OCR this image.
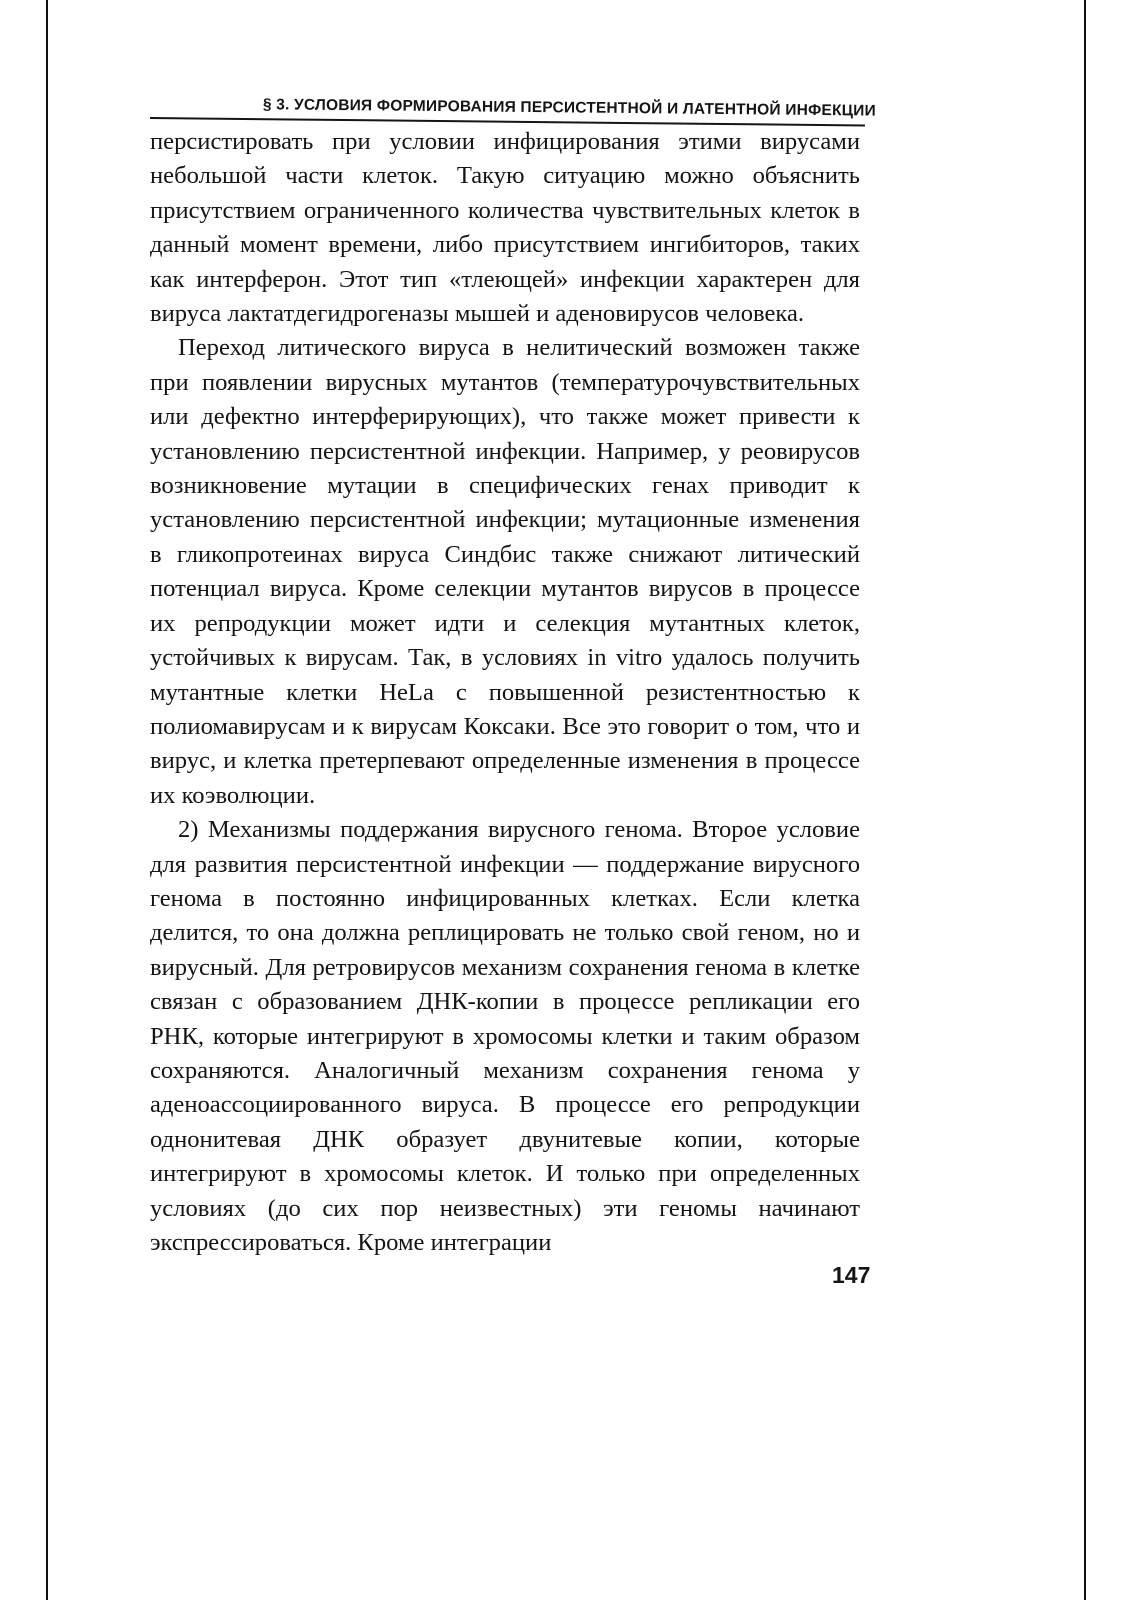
§ 3. УСЛОВИЯ ФОРМИРОВАНИЯ ПЕРСИСТЕНТНОЙ И ЛАТЕНТНОЙ ИНФЕКЦИИ

персистировать при условии инфицирования этими вирусами небольшой части клеток. Такую ситуацию можно объяснить присутствием ограниченного количества чувствительных клеток в данный момент времени, либо присутствием ингибиторов, таких как интерферон. Этот тип «тлеющей» инфекции характерен для вируса лактатдегидрогеназы мышей и аденовирусов человека.

Переход литического вируса в нелитический возможен также при появлении вирусных мутантов (температурочувствительных или дефектно интерферирующих), что также может привести к установлению персистентной инфекции. Например, у реовирусов возникновение мутации в специфических генах приводит к установлению персистентной инфекции; мутационные изменения в гликопротеинах вируса Синдбис также снижают литический потенциал вируса. Кроме селекции мутантов вирусов в процессе их репродукции может идти и селекция мутантных клеток, устойчивых к вирусам. Так, в условиях in vitro удалось получить мутантные клетки HeLa с повышенной резистентностью к полиомавирусам и к вирусам Коксаки. Все это говорит о том, что и вирус, и клетка претерпевают определенные изменения в процессе их коэволюции.

2) Механизмы поддержания вирусного генома. Второе условие для развития персистентной инфекции — поддержание вирусного генома в постоянно инфицированных клетках. Если клетка делится, то она должна реплицировать не только свой геном, но и вирусный. Для ретровирусов механизм сохранения генома в клетке связан с образованием ДНК-копии в процессе репликации его РНК, которые интегрируют в хромосомы клетки и таким образом сохраняются. Аналогичный механизм сохранения генома у аденоассоциированного вируса. В процессе его репродукции однонитевая ДНК образует двунитевые копии, которые интегрируют в хромосомы клеток. И только при определенных условиях (до сих пор неизвестных) эти геномы начинают экспрессироваться. Кроме интеграции

147
